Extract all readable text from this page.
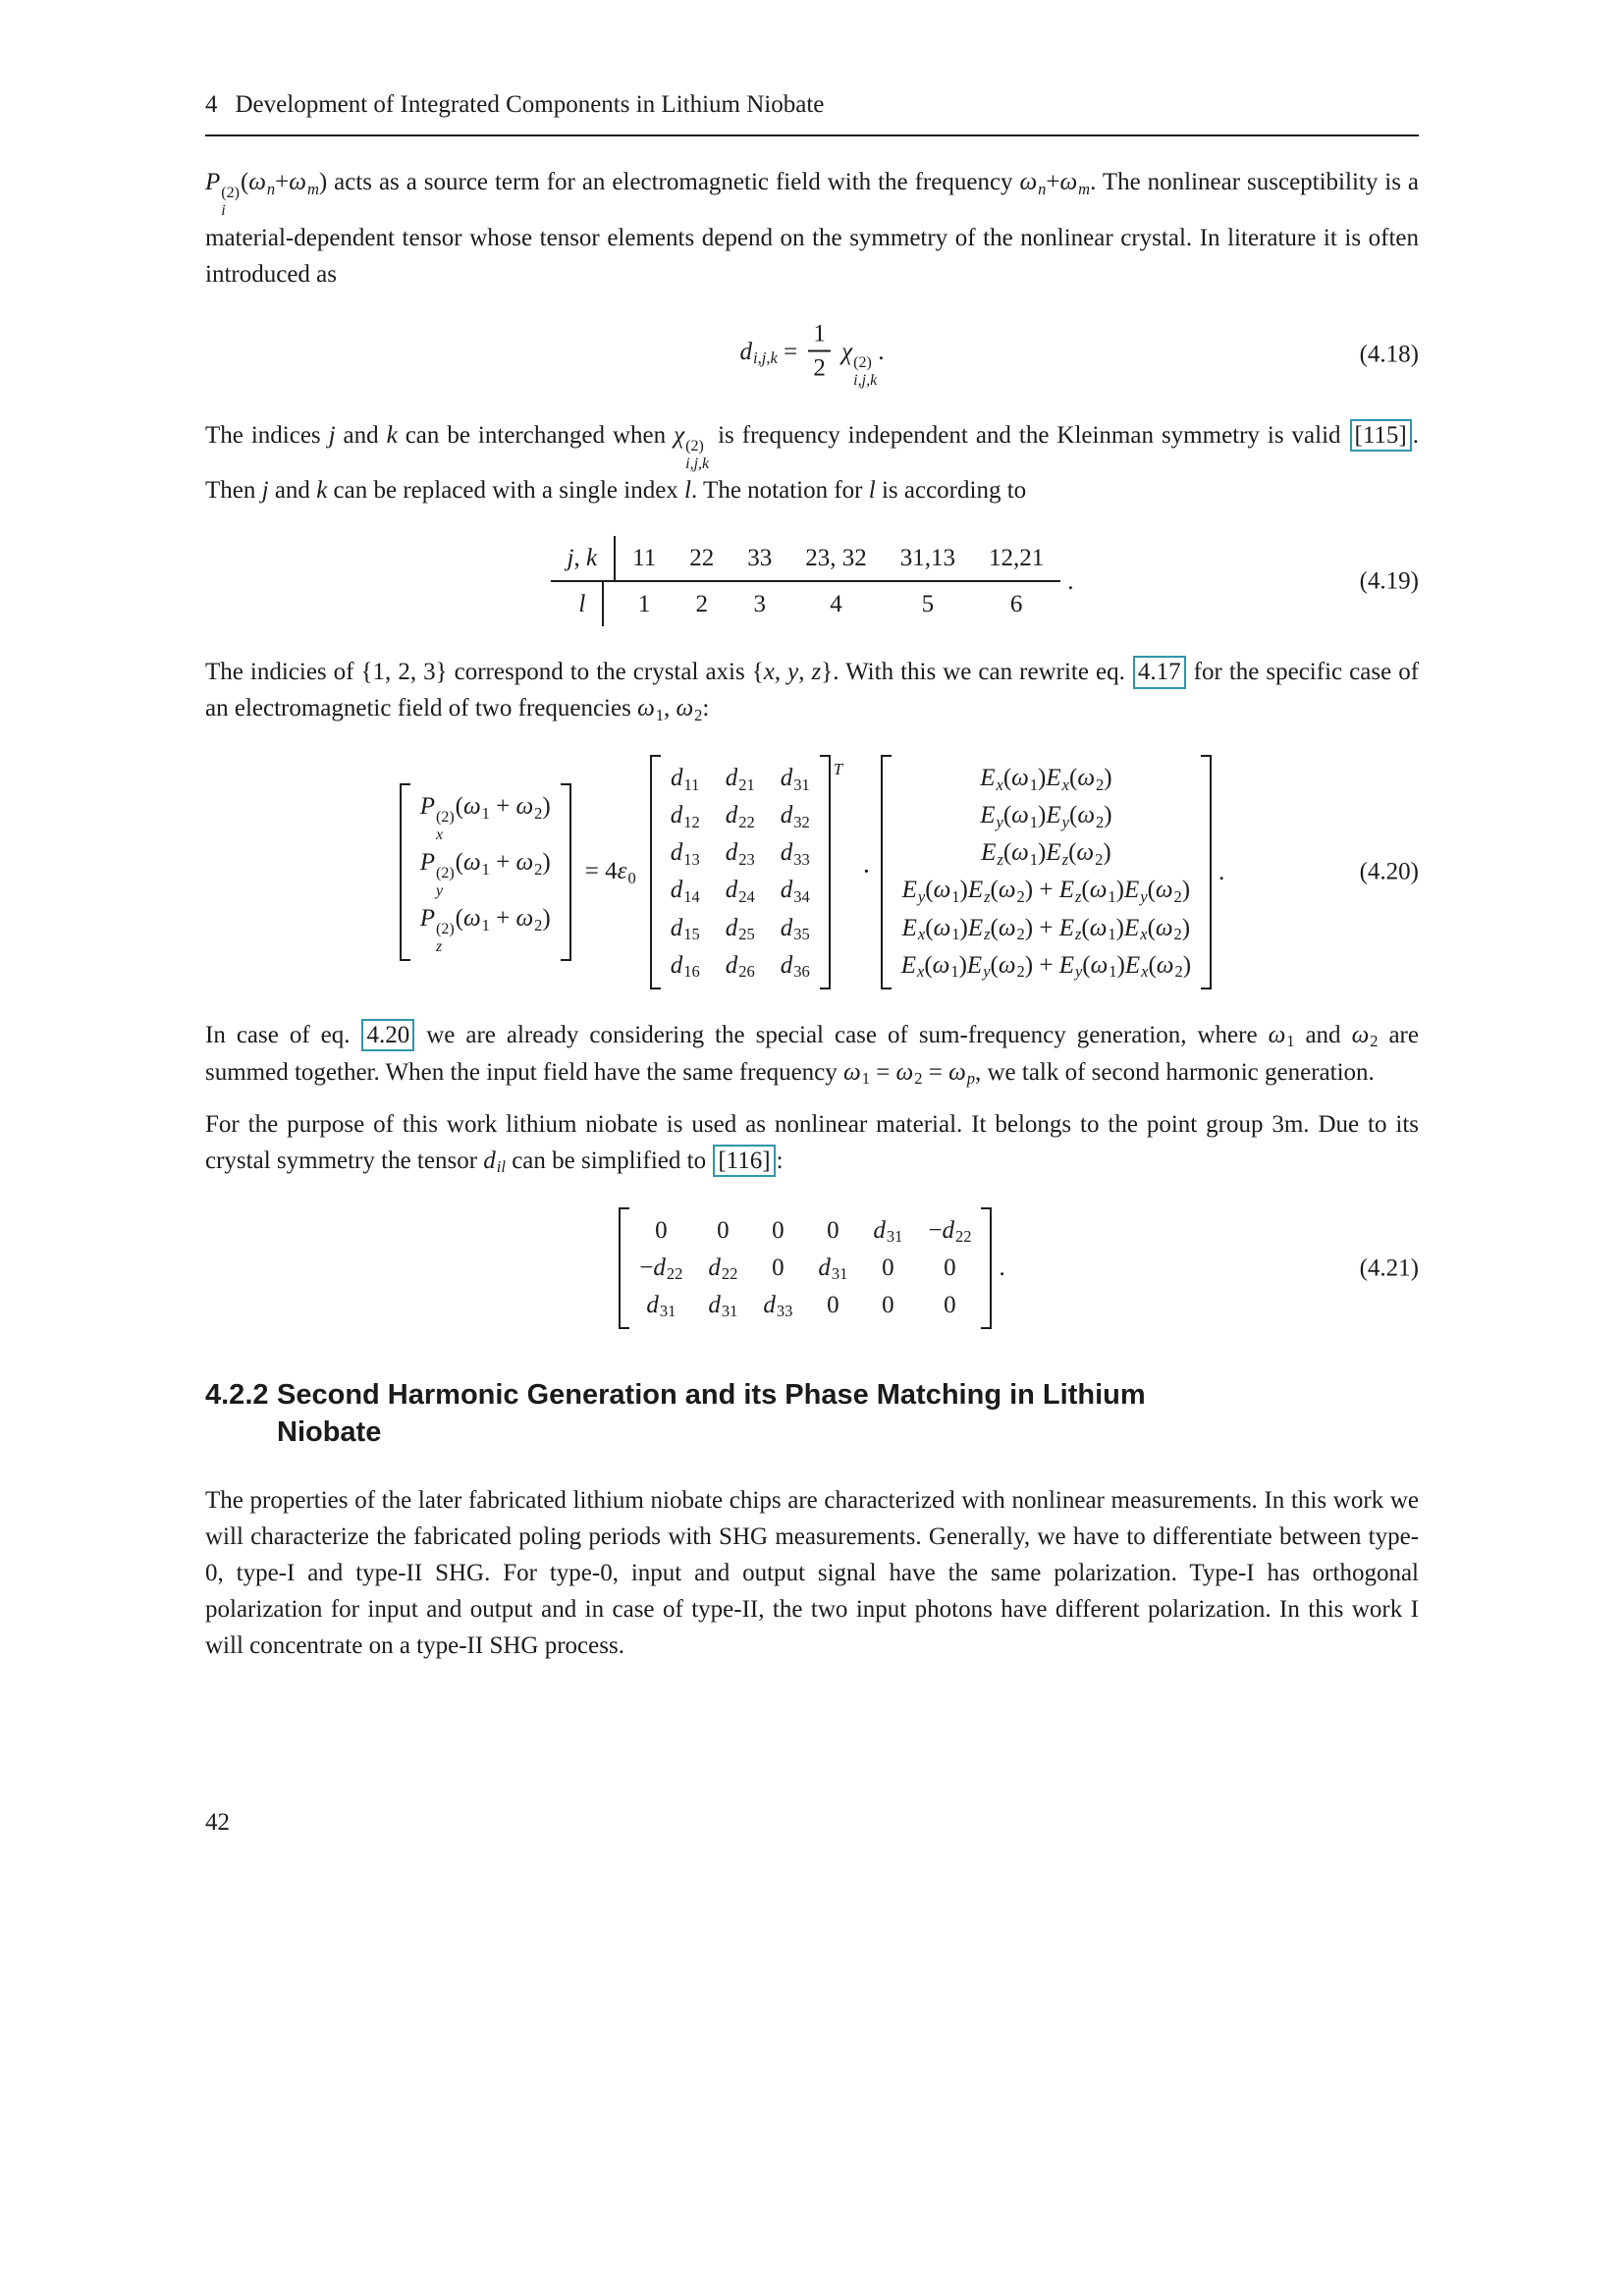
4 Development of Integrated Components in Lithium Niobate

P (2)
i
(ωn+ωm) acts as a source term for an electromagnetic field with the frequency ωn+ωm. The nonlinear susceptibility is a material-dependent tensor whose tensor elements depend on the symmetry of the nonlinear crystal. In literature it is often introduced as

$di,j,k = \frac{1}{2}$ χ (2)
i,j,k
.	(4.18)

The indices j and k can be interchanged when χ (2)
i,j,k
is frequency independent and the Kleinman symmetry is valid [115] . Then j and k can be replaced with a single index l. The notation for l is according to

j, k	11	22	33	23, 32	31,13	12,21
l	1	2	3	4	5	6
.	(4.19)

The indicies of {1, 2, 3} correspond to the crystal axis {x, y, z}. With this we can rewrite eq. 4.17 for the specific case of an electromagnetic field of two frequencies ω1, ω2:

P (2)
x
(ω1 + ω2)
P (2)
y
(ω1 + ω2)
P (2)
z
(ω1 + ω2)
= 4ε0
d11 d21 d31
d12 d22 d32
d13 d23 d33
d14 d24 d34
d15 d25 d35
d16 d26 d36
T
⋅
Ex(ω1)Ex(ω2)
Ey(ω1)Ey(ω2)
Ez(ω1)Ez(ω2)
Ey(ω1)Ez(ω2) + Ez(ω1)Ey(ω2)
Ex(ω1)Ez(ω2) + Ez(ω1)Ex(ω2)
Ex(ω1)Ey(ω2) + Ey(ω1)Ex(ω2)
.	(4.20)

In case of eq. 4.20 we are already considering the special case of sum-frequency generation, where ω1 and ω2 are summed together. When the input field have the same frequency ω1 = ω2 = ωp, we talk of second harmonic generation.

For the purpose of this work lithium niobate is used as nonlinear material. It belongs to the point group 3m. Due to its crystal symmetry the tensor dil can be simplified to [116] :

0 0 0 0 d31 −d22
−d22 d22 0 d31 0 0
d31 d31 d33 0 0 0
.	(4.21)
4.2.2 Second Harmonic Generation and its Phase Matching in Lithium
Niobate

The properties of the later fabricated lithium niobate chips are characterized with nonlinear measurements. In this work we will characterize the fabricated poling periods with SHG measurements. Generally, we have to differentiate between type-0, type-I and type-II SHG. For type-0, input and output signal have the same polarization. Type-I has orthogonal polarization for input and output and in case of type-II, the two input photons have different polarization. In this work I will concentrate on a type-II SHG process.

42
